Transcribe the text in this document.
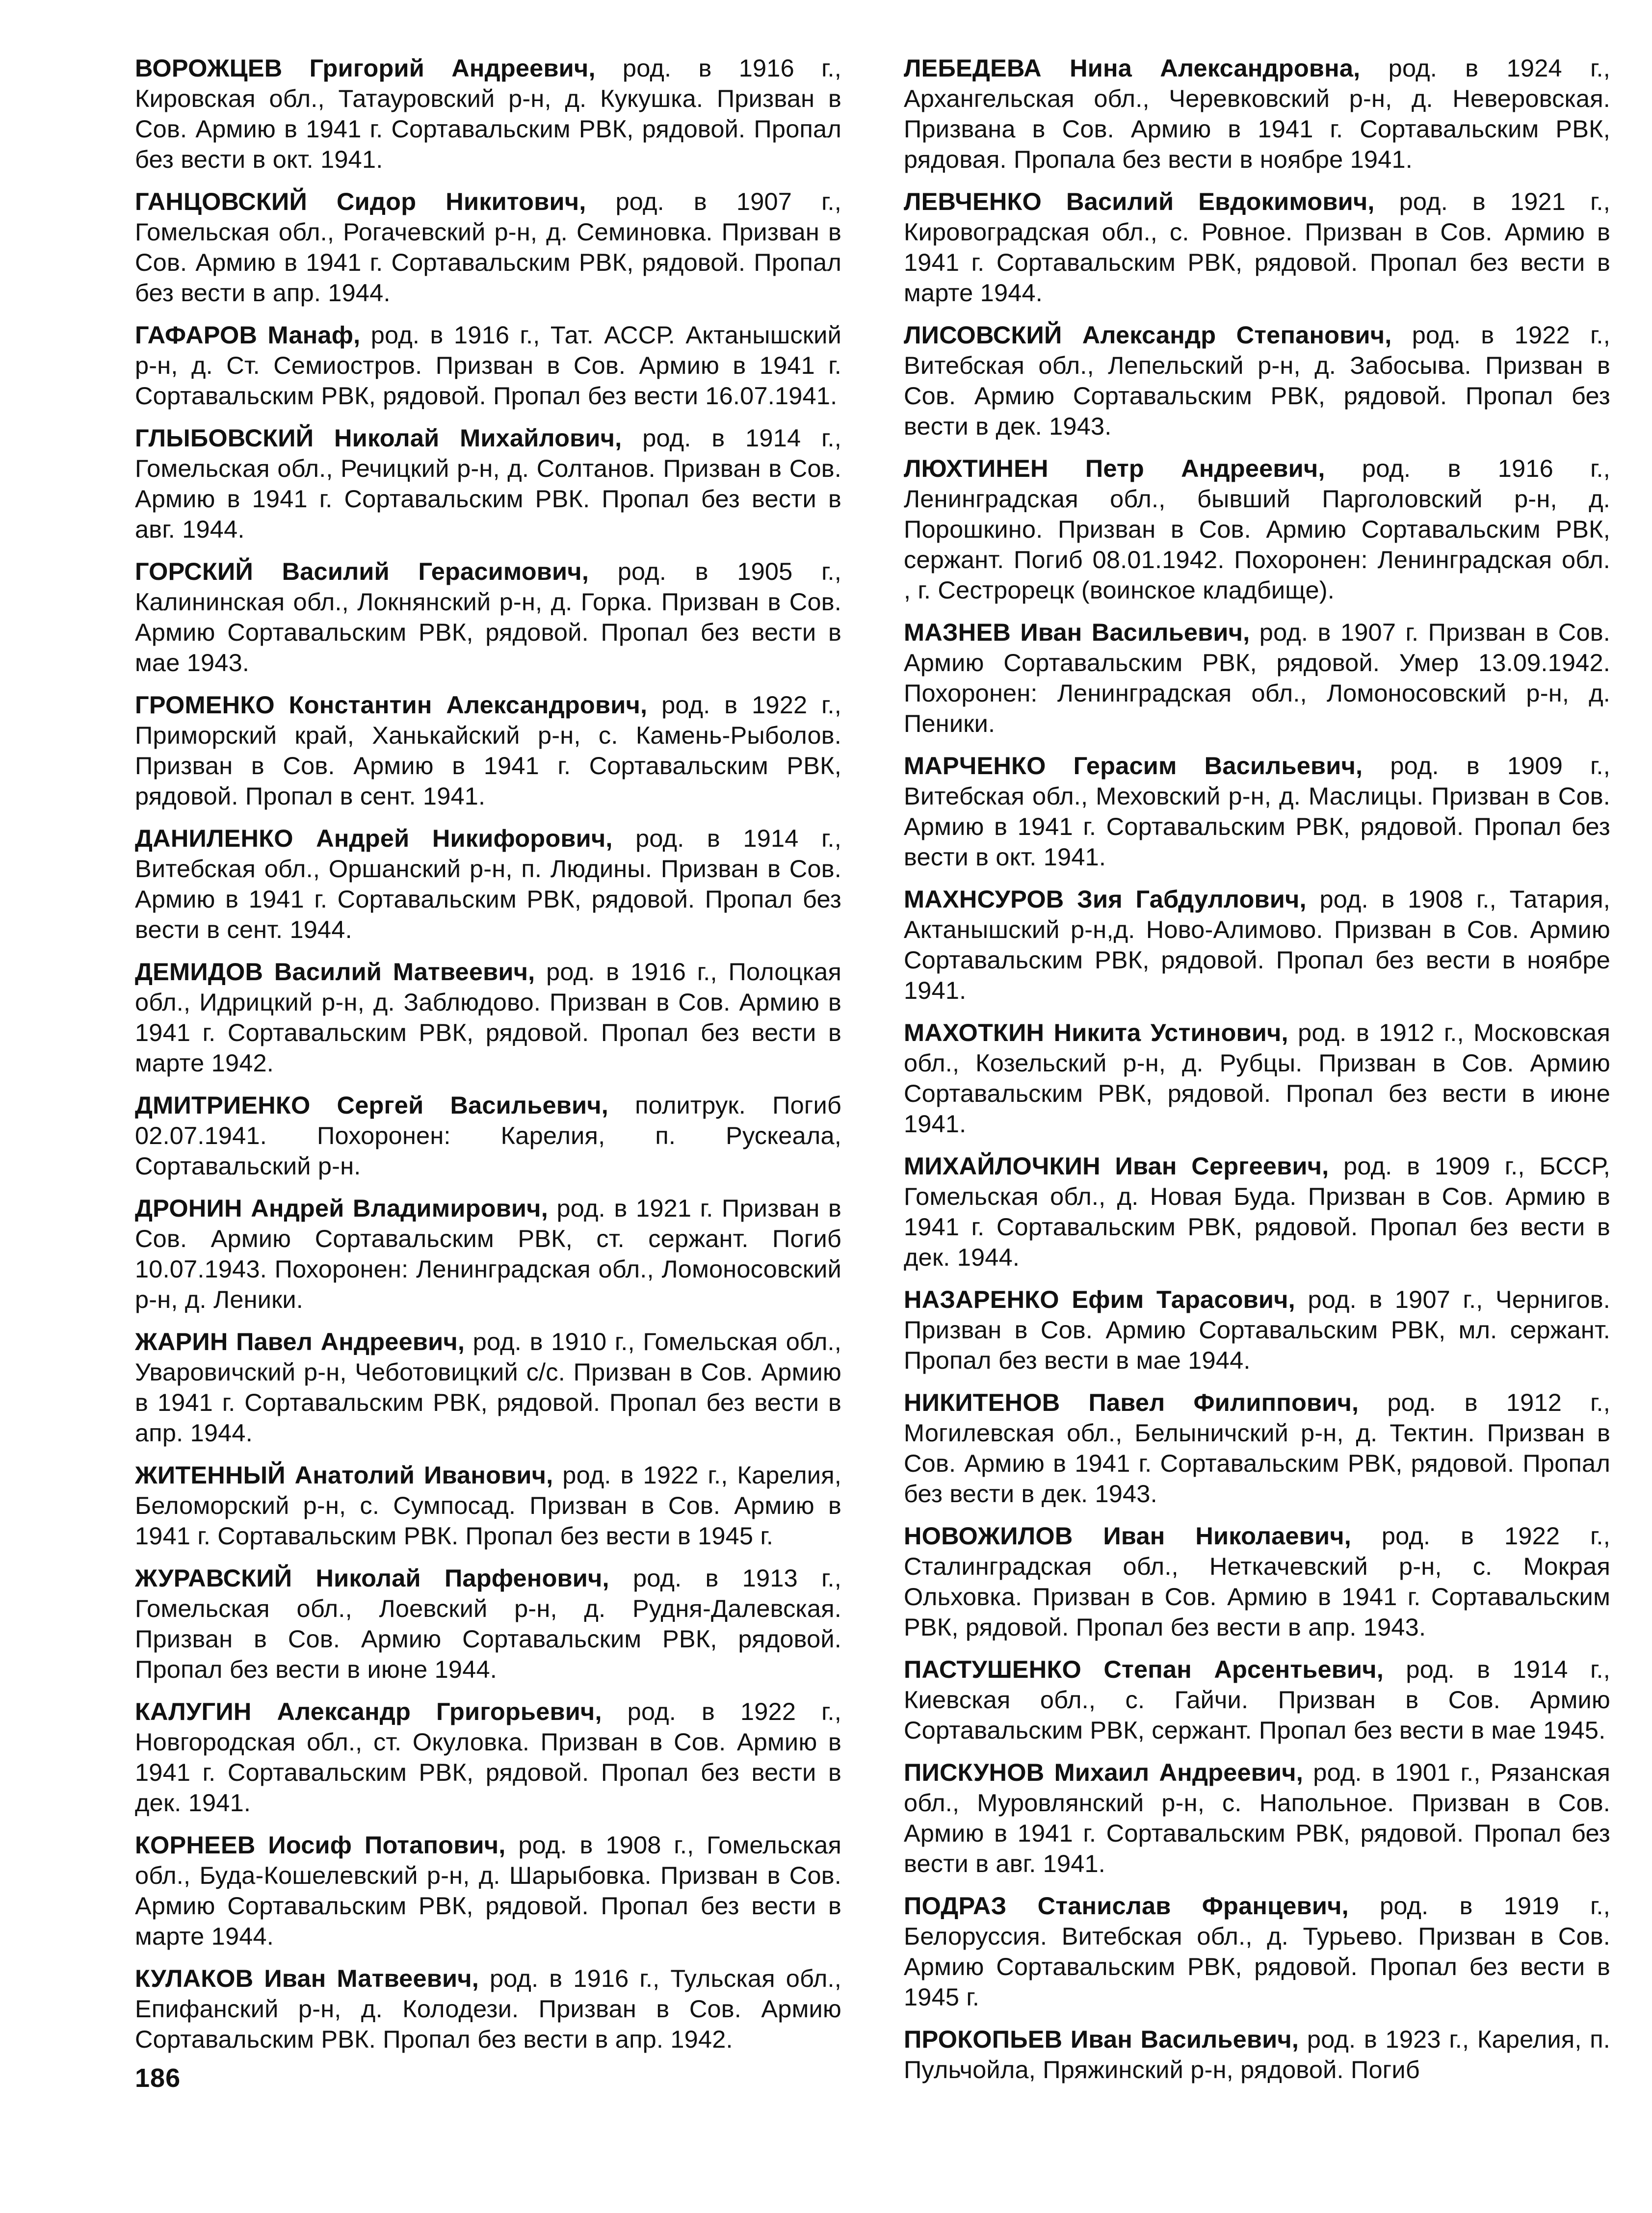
ВОРОЖЦЕВ Григорий Андреевич, род. в 1916 г., Кировская обл., Татауровский р-н, д. Кукушка. Призван в Сов. Армию в 1941 г. Сортавальским РВК, рядовой. Пропал без вести в окт. 1941.

ГАНЦОВСКИЙ Сидор Никитович, род. в 1907 г., Гомельская обл., Рогачевский р-н, д. Семиновка. Призван в Сов. Армию в 1941 г. Сортавальским РВК, рядовой. Пропал без вести в апр. 1944.

ГАФАРОВ Манаф, род. в 1916 г., Тат. АССР. Актанышский р-н, д. Ст. Семиостров. Призван в Сов. Армию в 1941 г. Сортавальским РВК, рядовой. Пропал без вести 16.07.1941.

ГЛЫБОВСКИЙ Николай Михайлович, род. в 1914 г., Гомельская обл., Речицкий р-н, д. Солтанов. Призван в Сов. Армию в 1941 г. Сортавальским РВК. Пропал без вести в авг. 1944.

ГОРСКИЙ Василий Герасимович, род. в 1905 г., Калининская обл., Локнянский р-н, д. Горка. Призван в Сов. Армию Сортавальским РВК, рядовой. Пропал без вести в мае 1943.

ГРОМЕНКО Константин Александрович, род. в 1922 г., Приморский край, Ханькайский р-н, с. Камень-Рыболов. Призван в Сов. Армию в 1941 г. Сортавальским РВК, рядовой. Пропал в сент. 1941.

ДАНИЛЕНКО Андрей Никифорович, род. в 1914 г., Витебская обл., Оршанский р-н, п. Людины. Призван в Сов. Армию в 1941 г. Сортавальским РВК, рядовой. Пропал без вести в сент. 1944.

ДЕМИДОВ Василий Матвеевич, род. в 1916 г., Полоцкая обл., Идрицкий р-н, д. Заблюдово. Призван в Сов. Армию в 1941 г. Сортавальским РВК, рядовой. Пропал без вести в марте 1942.

ДМИТРИЕНКО Сергей Васильевич, политрук. Погиб 02.07.1941. Похоронен: Карелия, п. Рускеала, Сортавальский р-н.

ДРОНИН Андрей Владимирович, род. в 1921 г. Призван в Сов. Армию Сортавальским РВК, ст. сержант. Погиб 10.07.1943. Похоронен: Ленинградская обл., Ломоносовский р-н, д. Леники.

ЖАРИН Павел Андреевич, род. в 1910 г., Гомельская обл., Уваровичский р-н, Чеботовицкий с/с. Призван в Сов. Армию в 1941 г. Сортавальским РВК, рядовой. Пропал без вести в апр. 1944.

ЖИТЕННЫЙ Анатолий Иванович, род. в 1922 г., Карелия, Беломорский р-н, с. Сумпосад. Призван в Сов. Армию в 1941 г. Сортавальским РВК. Пропал без вести в 1945 г.

ЖУРАВСКИЙ Николай Парфенович, род. в 1913 г., Гомельская обл., Лоевский р-н, д. Рудня-Далевская. Призван в Сов. Армию Сортавальским РВК, рядовой. Пропал без вести в июне 1944.

КАЛУГИН Александр Григорьевич, род. в 1922 г., Новгородская обл., ст. Окуловка. Призван в Сов. Армию в 1941 г. Сортавальским РВК, рядовой. Пропал без вести в дек. 1941.

КОРНЕЕВ Иосиф Потапович, род. в 1908 г., Гомельская обл., Буда-Кошелевский р-н, д. Шарыбовка. Призван в Сов. Армию Сортавальским РВК, рядовой. Пропал без вести в марте 1944.

КУЛАКОВ Иван Матвеевич, род. в 1916 г., Тульская обл., Епифанский р-н, д. Колодези. Призван в Сов. Армию Сортавальским РВК. Пропал без вести в апр. 1942.

ЛЕБЕДЕВА Нина Александровна, род. в 1924 г., Архангельская обл., Черевковский р-н, д. Неверовская. Призвана в Сов. Армию в 1941 г. Сортавальским РВК, рядовая. Пропала без вести в ноябре 1941.

ЛЕВЧЕНКО Василий Евдокимович, род. в 1921 г., Кировоградская обл., с. Ровное. Призван в Сов. Армию в 1941 г. Сортавальским РВК, рядовой. Пропал без вести в марте 1944.

ЛИСОВСКИЙ Александр Степанович, род. в 1922 г., Витебская обл., Лепельский р-н, д. Забосыва. Призван в Сов. Армию Сортавальским РВК, рядовой. Пропал без вести в дек. 1943.

ЛЮХТИНЕН Петр Андреевич, род. в 1916 г., Ленинградская обл., бывший Парголовский р-н, д. Порошкино. Призван в Сов. Армию Сортавальским РВК, сержант. Погиб 08.01.1942. Похоронен: Ленинградская обл. , г. Сестрорецк (воинское кладбище).

МАЗНЕВ Иван Васильевич, род. в 1907 г. Призван в Сов. Армию Сортавальским РВК, рядовой. Умер 13.09.1942. Похоронен: Ленинградская обл., Ломоносовский р-н, д. Пеники.

МАРЧЕНКО Герасим Васильевич, род. в 1909 г., Витебская обл., Меховский р-н, д. Маслицы. Призван в Сов. Армию в 1941 г. Сортавальским РВК, рядовой. Пропал без вести в окт. 1941.

МАХНСУРОВ Зия Габдуллович, род. в 1908 г., Татария, Актанышский р-н,д. Ново-Алимово. Призван в Сов. Армию Сортавальским РВК, рядовой. Пропал без вести в ноябре 1941.

МАХОТКИН Никита Устинович, род. в 1912 г., Московская обл., Козельский р-н, д. Рубцы. Призван в Сов. Армию Сортавальским РВК, рядовой. Пропал без вести в июне 1941.

МИХАЙЛОЧКИН Иван Сергеевич, род. в 1909 г., БССР, Гомельская обл., д. Новая Буда. Призван в Сов. Армию в 1941 г. Сортавальским РВК, рядовой. Пропал без вести в дек. 1944.

НАЗАРЕНКО Ефим Тарасович, род. в 1907 г., Чернигов. Призван в Сов. Армию Сортавальским РВК, мл. сержант. Пропал без вести в мае 1944.

НИКИТЕНОВ Павел Филиппович, род. в 1912 г., Могилевская обл., Белыничский р-н, д. Тектин. Призван в Сов. Армию в 1941 г. Сортавальским РВК, рядовой. Пропал без вести в дек. 1943.

НОВОЖИЛОВ Иван Николаевич, род. в 1922 г., Сталинградская обл., Неткачевский р-н, с. Мокрая Ольховка. Призван в Сов. Армию в 1941 г. Сортавальским РВК, рядовой. Пропал без вести в апр. 1943.

ПАСТУШЕНКО Степан Арсентьевич, род. в 1914 г., Киевская обл., с. Гайчи. Призван в Сов. Армию Сортавальским РВК, сержант. Пропал без вести в мае 1945.

ПИСКУНОВ Михаил Андреевич, род. в 1901 г., Рязанская обл., Муровлянский р-н, с. Напольное. Призван в Сов. Армию в 1941 г. Сортавальским РВК, рядовой. Пропал без вести в авг. 1941.

ПОДРАЗ Станислав Францевич, род. в 1919 г., Белоруссия. Витебская обл., д. Турьево. Призван в Сов. Армию Сортавальским РВК, рядовой. Пропал без вести в 1945 г.

ПРОКОПЬЕВ Иван Васильевич, род. в 1923 г., Карелия, п. Пульчойла, Пряжинский р-н, рядовой. Погиб

186
